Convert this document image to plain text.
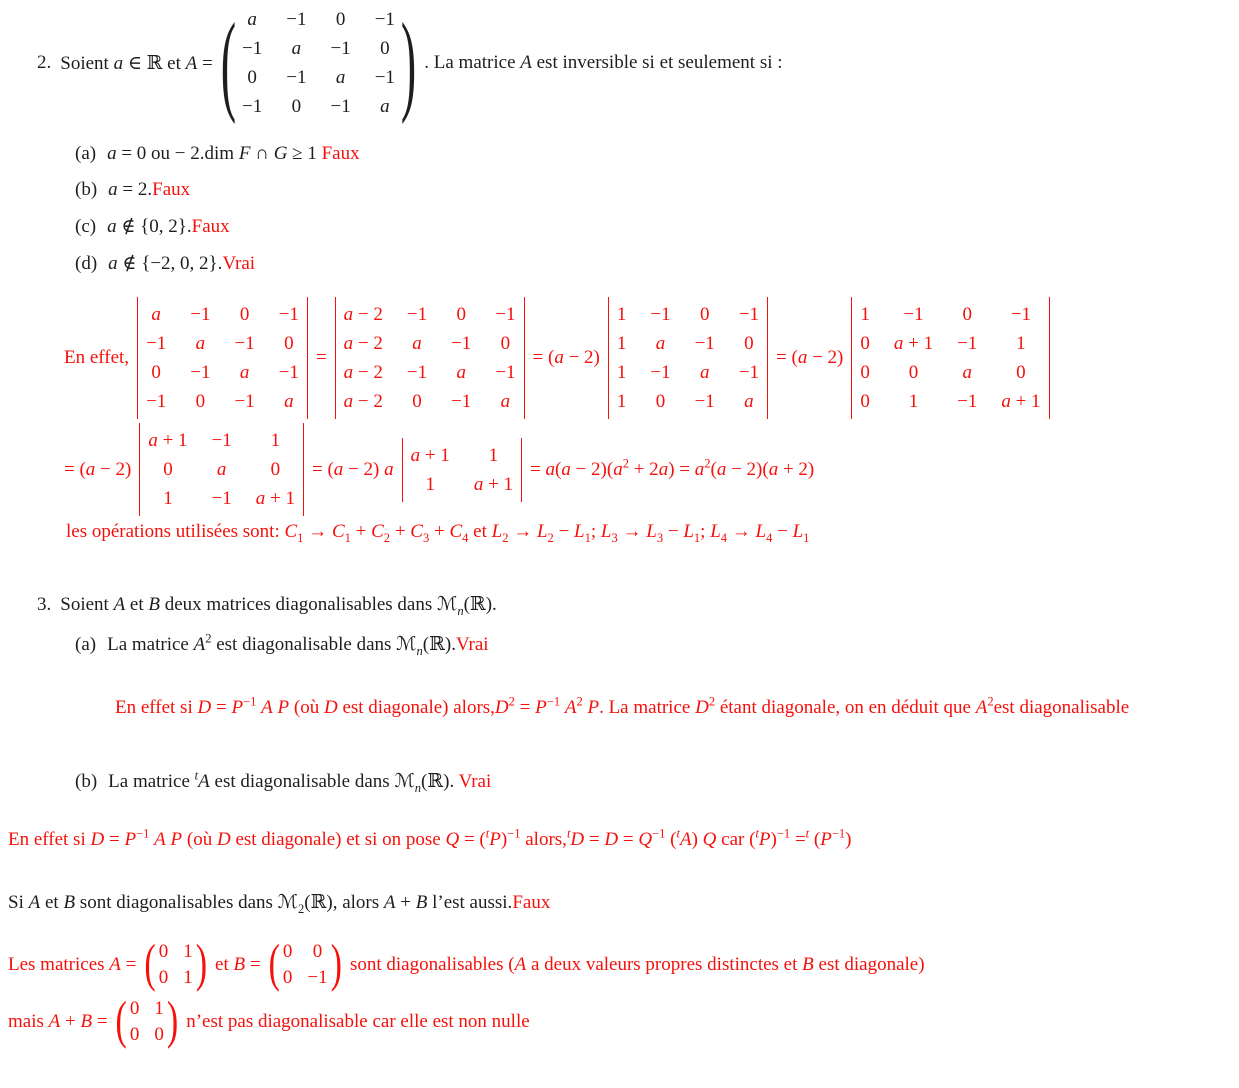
2. Soient a ∈ ℝ et A = ( a −1 0 −1
−1 a −1 0
0 −1 a −1
−1 0 −1 a ) . La matrice A est inversible si et seulement si :
(a) a = 0 ou − 2.dim F ∩ G ≥ 1 Faux
(b) a = 2.Faux
(c) a ∉ {0, 2}.Faux
(d) a ∉ {−2, 0, 2}.Vrai
En effet,
a −1 0 −1
−1 a −1 0
0 −1 a −1
−1 0 −1 a
=
a − 2 −1 0 −1
a − 2 a −1 0
a − 2 −1 a −1
a − 2 0 −1 a
= (a − 2)
1 −1 0 −1
1 a −1 0
1 −1 a −1
1 0 −1 a
= (a − 2)
1 −1 0 −1
0 a + 1 −1 1
0 0 a 0
0 1 −1 a + 1

= (a − 2)
a + 1 −1 1
0 a 0
1 −1 a + 1
= (a − 2) a
a + 1 1
1 a + 1
= $a(a - 2)(a^2 + 2a) = a^2(a - 2)(a + 2)$
les opérations utilisées sont: $C_1 \to C_1 + C_2 + C_3 + C_4$ et $L_2 \to L_2 - L_1$; $L_3 \to L_3 - L_1$; $L_4 \to L_4 - L_1$
3. Soient A et B deux matrices diagonalisables dans ℳ$_n$(ℝ).
(a) La matrice $A^2$ est diagonalisable dans ℳ$_n$(ℝ).Vrai
En effet si $D = P^{-1}$ A P (où D est diagonale) $alors,D^2 = P^{-1}$ $A^2$ P. La matrice $D^2$ étant diagonale, on en déduit que $A^2est$ diagonalisable
(b) La matrice $^t$A est diagonalisable dans ℳ$_n$(ℝ). Vrai
En effet si $D = P^{-1}$ A P (où D est diagonale) et si on pose $Q = (^tP)^{-1}$ alors,$^t$D = $D = Q^{-1}$ ($^t$A) Q car $(^tP)^{-1} =^t$ $(P^{-1})$
Si A et B sont diagonalisables dans ℳ$_2$(ℝ), alors A + B l’est aussi.Faux
Les matrices A = ( 0 1
0 1 ) et B = ( 0 0
0 −1 ) sont diagonalisables (A a deux valeurs propres distinctes et B est diagonale)

mais A + B = ( 0 1
0 0 ) n’est pas diagonalisable car elle est non nulle
